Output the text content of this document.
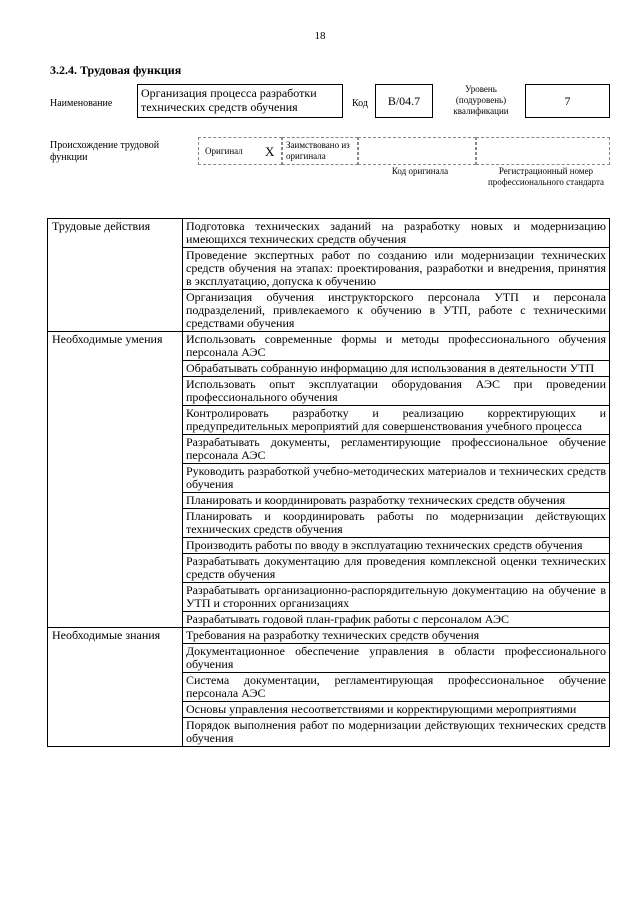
18
3.2.4. Трудовая функция
Наименование
Организация процесса разработки технических средств обучения	Код	B/04.7
Уровень (подуровень) квалификации
7
Происхождение трудовой функции
Оригинал X	Заимствовано из оригинала
Код оригинала	Регистрационный номер профессионального стандарта
Трудовые действия	Подготовка технических заданий на разработку новых и модернизацию имеющихся технических средств обучения
	Проведение экспертных работ по созданию или модернизации технических средств обучения на этапах: проектирования, разработки и внедрения, принятия в эксплуатацию, допуска к обучению
	Организация обучения инструкторского персонала УТП и персонала подразделений, привлекаемого к обучению в УТП, работе с техническими средствами обучения
Необходимые умения	Использовать современные формы и методы профессионального обучения персонала АЭС
	Обрабатывать собранную информацию для использования в деятельности УТП
	Использовать опыт эксплуатации оборудования АЭС при проведении профессионального обучения
	Контролировать разработку и реализацию корректирующих и предупредительных мероприятий для совершенствования учебного процесса
	Разрабатывать документы, регламентирующие профессиональное обучение персонала АЭС
	Руководить разработкой учебно-методических материалов и технических средств обучения
	Планировать и координировать разработку технических средств обучения
	Планировать и координировать работы по модернизации действующих технических средств обучения
	Производить работы по вводу в эксплуатацию технических средств обучения
	Разрабатывать документацию для проведения комплексной оценки технических средств обучения
	Разрабатывать организационно-распорядительную документацию на обучение в УТП и сторонних организациях
	Разрабатывать годовой план-график работы с персоналом АЭС
Необходимые знания	Требования на разработку технических средств обучения
	Документационное обеспечение управления в области профессионального обучения
	Система документации, регламентирующая профессиональное обучение персонала АЭС
	Основы управления несоответствиями и корректирующими мероприятиями
	Порядок выполнения работ по модернизации действующих технических средств обучения
